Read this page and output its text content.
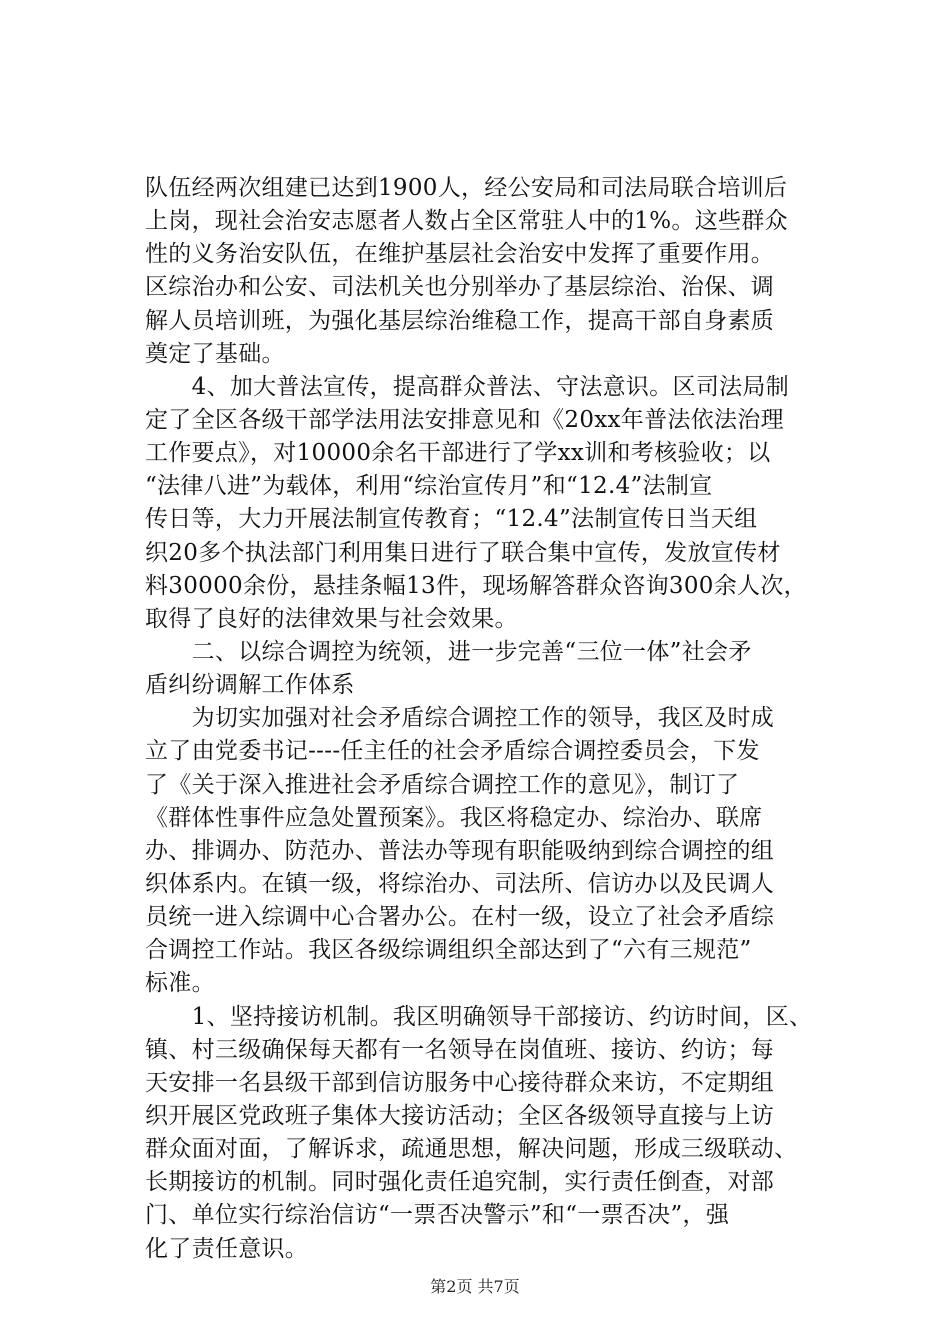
队伍经两次组建已达到1900人，经公安局和司法局联合培训后
上岗，现社会治安志愿者人数占全区常驻人中的1%。这些群众
性的义务治安队伍，在维护基层社会治安中发挥了重要作用。
区综治办和公安、司法机关也分别举办了基层综治、治保、调
解人员培训班，为强化基层综治维稳工作，提高干部自身素质
奠定了基础。
　　4、加大普法宣传，提高群众普法、守法意识。区司法局制
定了全区各级干部学法用法安排意见和《20xx年普法依法治理
工作要点》，对10000余名干部进行了学xx训和考核验收；以
“法律八进”为载体，利用“综治宣传月”和“12.4”法制宣
传日等，大力开展法制宣传教育；“12.4”法制宣传日当天组
织20多个执法部门利用集日进行了联合集中宣传，发放宣传材
料30000余份，悬挂条幅13件，现场解答群众咨询300余人次，
取得了良好的法律效果与社会效果。
　　二、以综合调控为统领，进一步完善“三位一体”社会矛
盾纠纷调解工作体系
　　为切实加强对社会矛盾综合调控工作的领导，我区及时成
立了由党委书记----任主任的社会矛盾综合调控委员会，下发
了《关于深入推进社会矛盾综合调控工作的意见》，制订了
《群体性事件应急处置预案》。我区将稳定办、综治办、联席
办、排调办、防范办、普法办等现有职能吸纳到综合调控的组
织体系内。在镇一级，将综治办、司法所、信访办以及民调人
员统一进入综调中心合署办公。在村一级，设立了社会矛盾综
合调控工作站。我区各级综调组织全部达到了“六有三规范”
标准。
　　1、坚持接访机制。我区明确领导干部接访、约访时间，区、
镇、村三级确保每天都有一名领导在岗值班、接访、约访；每
天安排一名县级干部到信访服务中心接待群众来访，不定期组
织开展区党政班子集体大接访活动；全区各级领导直接与上访
群众面对面，了解诉求，疏通思想，解决问题，形成三级联动、
长期接访的机制。同时强化责任追究制，实行责任倒查，对部
门、单位实行综治信访“一票否决警示”和“一票否决”，强
化了责任意识。
第2页 共7页
